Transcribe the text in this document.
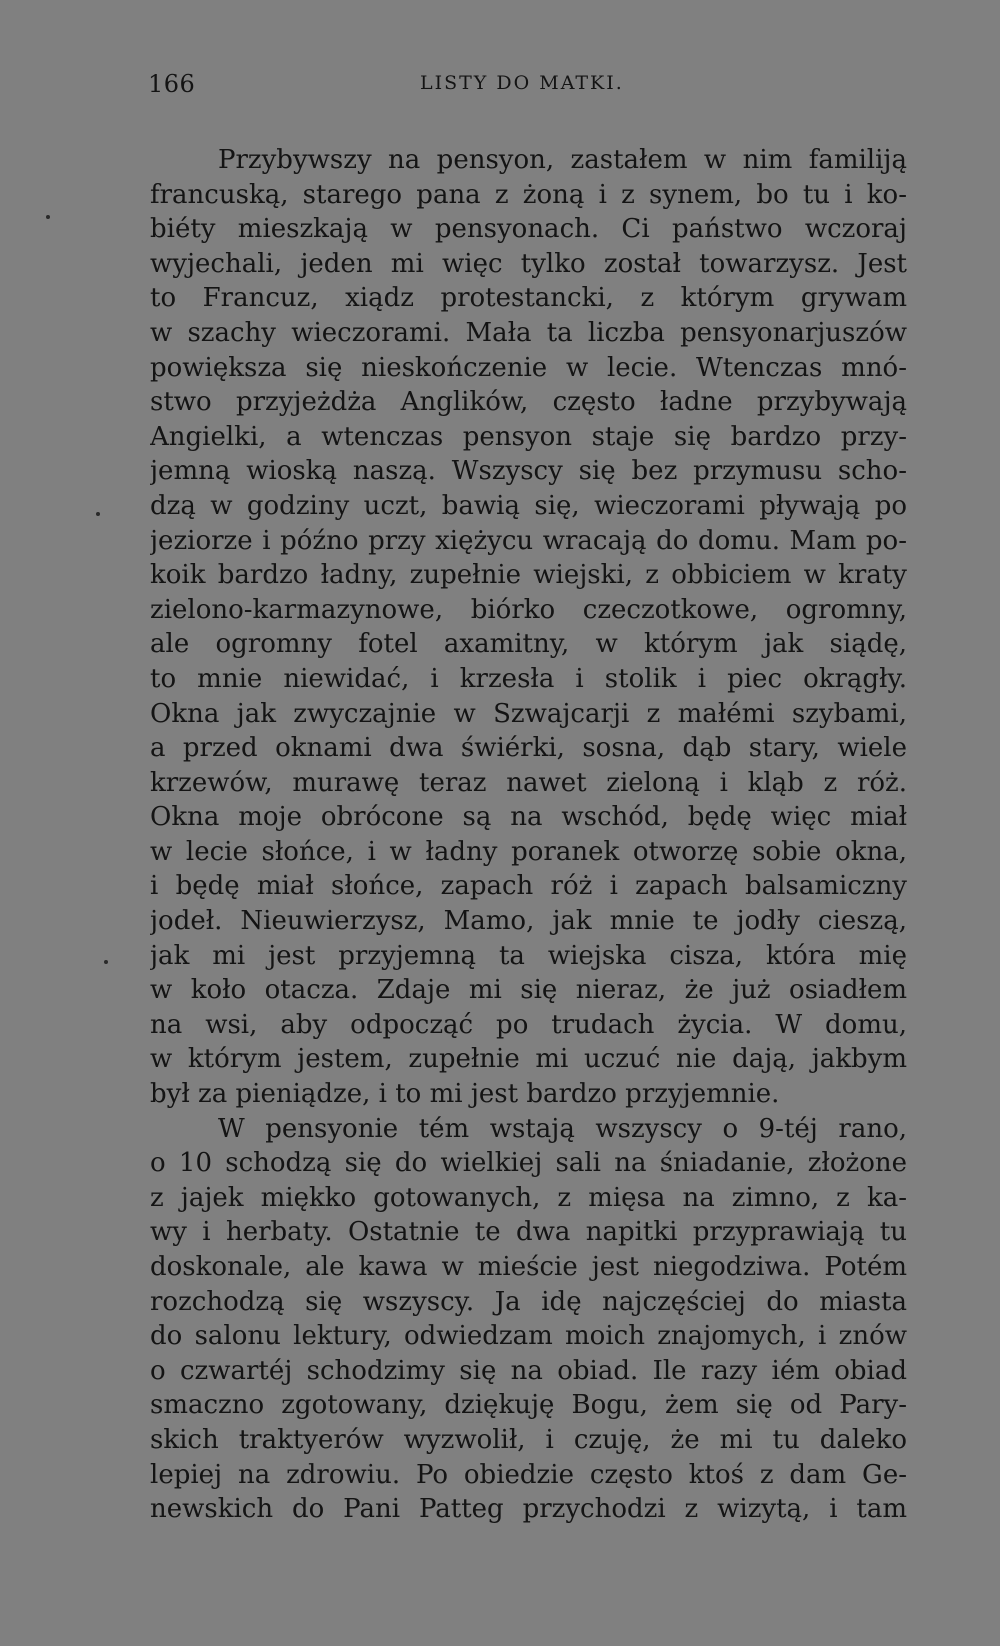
166	LISTY DO MATKI.
Przybywszy na pensyon, zastałem w nim familiją
francuską, starego pana z żoną i z synem, bo tu i ko-
biéty mieszkają w pensyonach. Ci państwo wczoraj
wyjechali, jeden mi więc tylko został towarzysz. Jest
to Francuz, xiądz protestancki, z którym grywam
w szachy wieczorami. Mała ta liczba pensyonarjuszów
powiększa się nieskończenie w lecie. Wtenczas mnó-
stwo przyjeżdża Anglików, często ładne przybywają
Angielki, a wtenczas pensyon staje się bardzo przy-
jemną wioską naszą. Wszyscy się bez przymusu scho-
dzą w godziny uczt, bawią się, wieczorami pływają po
jeziorze i późno przy xiężycu wracają do domu. Mam po-
koik bardzo ładny, zupełnie wiejski, z obbiciem w kraty
zielono-karmazynowe, biórko czeczotkowe, ogromny,
ale ogromny fotel axamitny, w którym jak siądę,
to mnie niewidać, i krzesła i stolik i piec okrągły.
Okna jak zwyczajnie w Szwajcarji z małémi szybami,
a przed oknami dwa świérki, sosna, dąb stary, wiele
krzewów, murawę teraz nawet zieloną i kląb z róż.
Okna moje obrócone są na wschód, będę więc miał
w lecie słońce, i w ładny poranek otworzę sobie okna,
i będę miał słońce, zapach róż i zapach balsamiczny
jodeł. Nieuwierzysz, Mamo, jak mnie te jodły cieszą,
jak mi jest przyjemną ta wiejska cisza, która mię
w koło otacza. Zdaje mi się nieraz, że już osiadłem
na wsi, aby odpocząć po trudach życia. W domu,
w którym jestem, zupełnie mi uczuć nie dają, jakbym
był za pieniądze, i to mi jest bardzo przyjemnie.
W pensyonie tém wstają wszyscy o 9-téj rano,
o 10 schodzą się do wielkiej sali na śniadanie, złożone
z jajek miękko gotowanych, z mięsa na zimno, z ka-
wy i herbaty. Ostatnie te dwa napitki przyprawiają tu
doskonale, ale kawa w mieście jest niegodziwa. Potém
rozchodzą się wszyscy. Ja idę najczęściej do miasta
do salonu lektury, odwiedzam moich znajomych, i znów
o czwartéj schodzimy się na obiad. Ile razy iém obiad
smaczno zgotowany, dziękuję Bogu, żem się od Pary-
skich traktyerów wyzwolił, i czuję, że mi tu daleko
lepiej na zdrowiu. Po obiedzie często ktoś z dam Ge-
newskich do Pani Patteg przychodzi z wizytą, i tam
